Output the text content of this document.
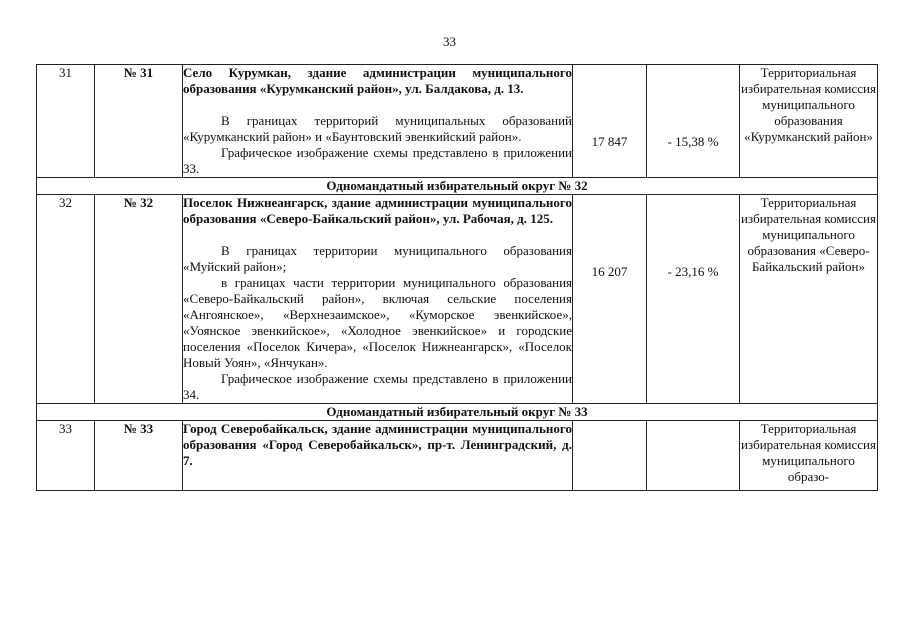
33
31	№ 31	Село Курумкан, здание администрации муниципального образования «Курумканский район», ул. Балдакова, д. 13.
В границах территорий муниципальных образований «Курумканский район» и «Баунтовский эвенкийский район».
Графическое изображение схемы представлено в приложении 33.	17 847	- 15,38 %	Территориальная избирательная комиссия муниципального образования «Курумканский район»
Одномандатный избирательный округ № 32					
32	№ 32	Поселок Нижнеангарск, здание администрации муниципального образования «Северо-Байкальский район», ул. Рабочая, д. 125.
В границах территории муниципального образования «Муйский район»;
в границах части территории муниципального образования «Северо-Байкальский район», включая сельские поселения «Ангоянское», «Верхнезаимское», «Куморское эвенкийское», «Уоянское эвенкийское», «Холодное эвенкийское» и городские поселения «Поселок Кичера», «Поселок Нижнеангарск», «Поселок Новый Уоян», «Янчукан».
Графическое изображение схемы представлено в приложении 34.	16 207	- 23,16 %	Территориальная избирательная комиссия муниципального образования «Северо-Байкальский район»
Одномандатный избирательный округ № 33					
33	№ 33	Город Северобайкальск, здание администрации муниципального образования «Город Северобайкальск», пр-т. Ленинградский, д. 7.			Территориальная избирательная комиссия муниципального образо-
